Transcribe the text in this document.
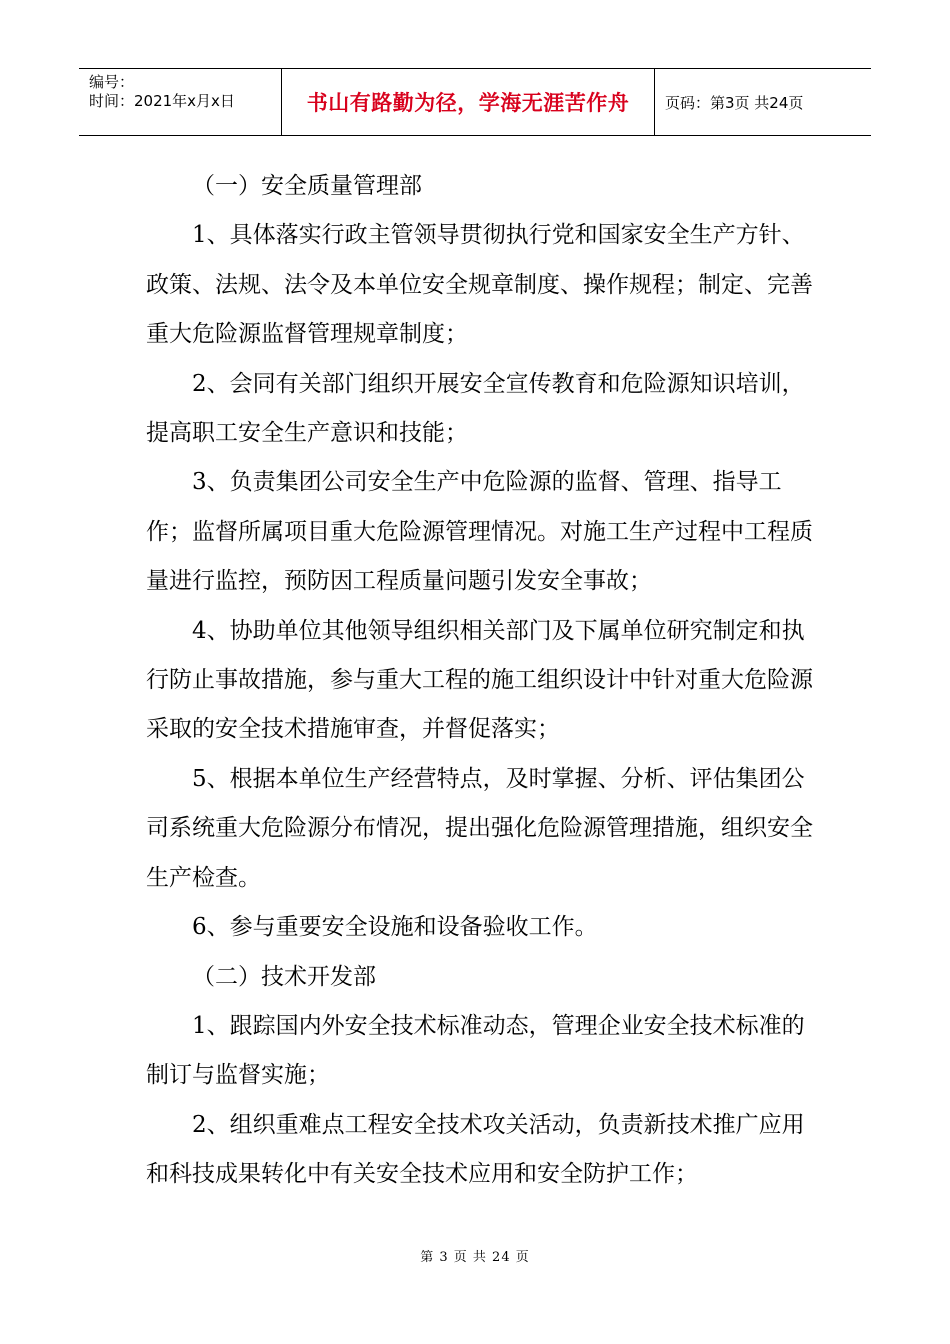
编号：
时间：2021年x月x日	书山有路勤为径，学海无涯苦作舟	页码：第3页 共24页

（一）安全质量管理部

1、具体落实行政主管领导贯彻执行党和国家安全生产方针、政策、法规、法令及本单位安全规章制度、操作规程；制定、完善重大危险源监督管理规章制度；

2、会同有关部门组织开展安全宣传教育和危险源知识培训，提高职工安全生产意识和技能；

3、负责集团公司安全生产中危险源的监督、管理、指导工作；监督所属项目重大危险源管理情况。对施工生产过程中工程质量进行监控，预防因工程质量问题引发安全事故；

4、协助单位其他领导组织相关部门及下属单位研究制定和执行防止事故措施，参与重大工程的施工组织设计中针对重大危险源采取的安全技术措施审查，并督促落实；

5、根据本单位生产经营特点，及时掌握、分析、评估集团公司系统重大危险源分布情况，提出强化危险源管理措施，组织安全生产检查。

6、参与重要安全设施和设备验收工作。

（二）技术开发部

1、跟踪国内外安全技术标准动态，管理企业安全技术标准的制订与监督实施；

2、组织重难点工程安全技术攻关活动，负责新技术推广应用和科技成果转化中有关安全技术应用和安全防护工作；

第 3 页 共 24 页
